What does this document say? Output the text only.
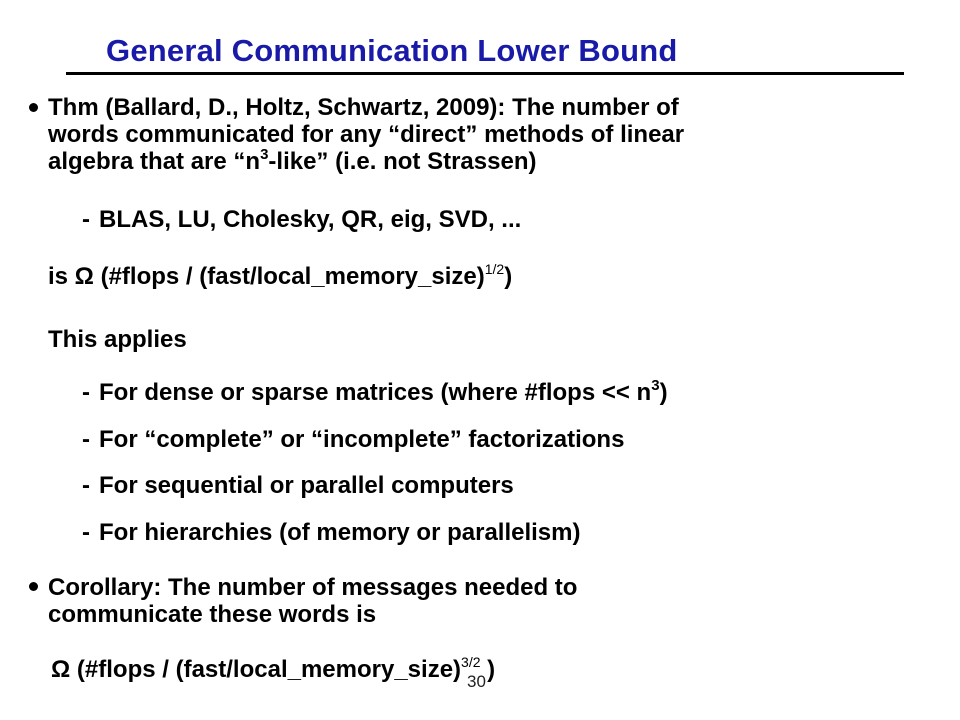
General Communication Lower Bound
Thm (Ballard, D., Holtz, Schwartz, 2009): The number of
words communicated for any “direct” methods of linear
algebra that are “$n^3$-like” (i.e. not Strassen)
- BLAS, LU, Cholesky, QR, eig, SVD, ...
is Ω (#flops / (fast/local_memory_size)$^{1/2}$)
This applies
- For dense or sparse matrices (where #flops << $n^3$)
- For “complete” or “incomplete” factorizations
- For sequential or parallel computers
- For hierarchies (of memory or parallelism)
Corollary: The number of messages needed to
communicate these words is
Ω (#flops / (fast/local_memory_size)$^{3/2}$ )
30
